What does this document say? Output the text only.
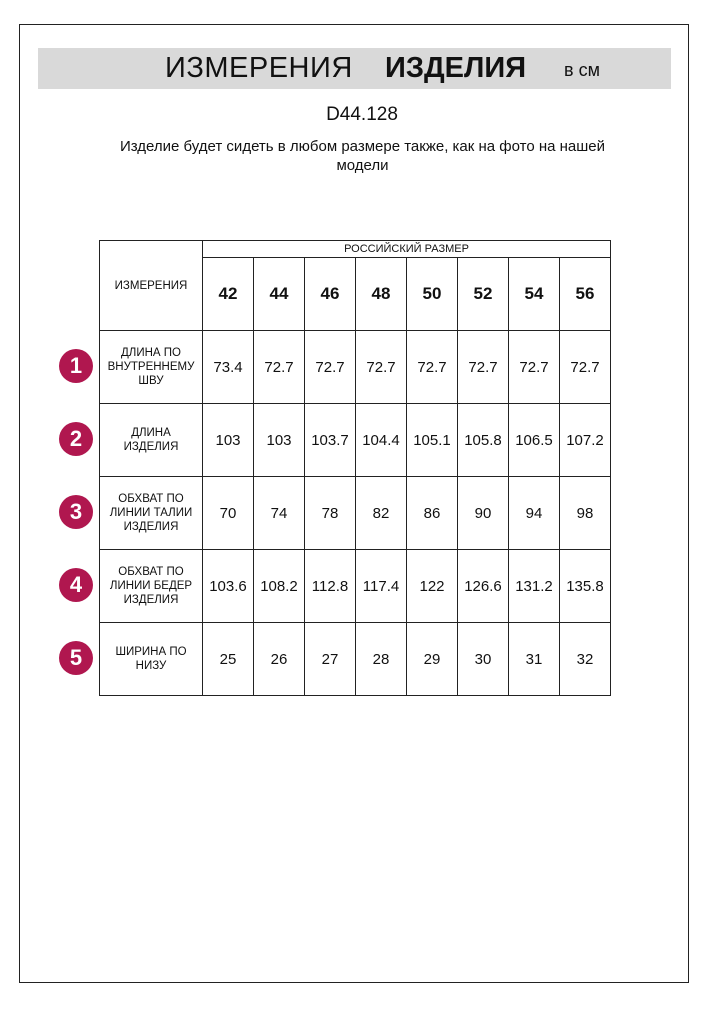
ИЗМЕРЕНИЯ ИЗДЕЛИЯ в см
D44.128
Изделие будет сидеть в любом размере также, как на фото на нашей модели
ИЗМЕРЕНИЯ	РОССИЙСКИЙ РАЗМЕР							
	42	44	46	48	50	52	54	56
ДЛИНА ПО ВНУТРЕННЕМУ ШВУ	73.4	72.7	72.7	72.7	72.7	72.7	72.7	72.7
ДЛИНА ИЗДЕЛИЯ	103	103	103.7	104.4	105.1	105.8	106.5	107.2
ОБХВАТ ПО ЛИНИИ ТАЛИИ ИЗДЕЛИЯ	70	74	78	82	86	90	94	98
ОБХВАТ ПО ЛИНИИ БЕДЕР ИЗДЕЛИЯ	103.6	108.2	112.8	117.4	122	126.6	131.2	135.8
ШИРИНА ПО НИЗУ	25	26	27	28	29	30	31	32
1
2
3
4
5
